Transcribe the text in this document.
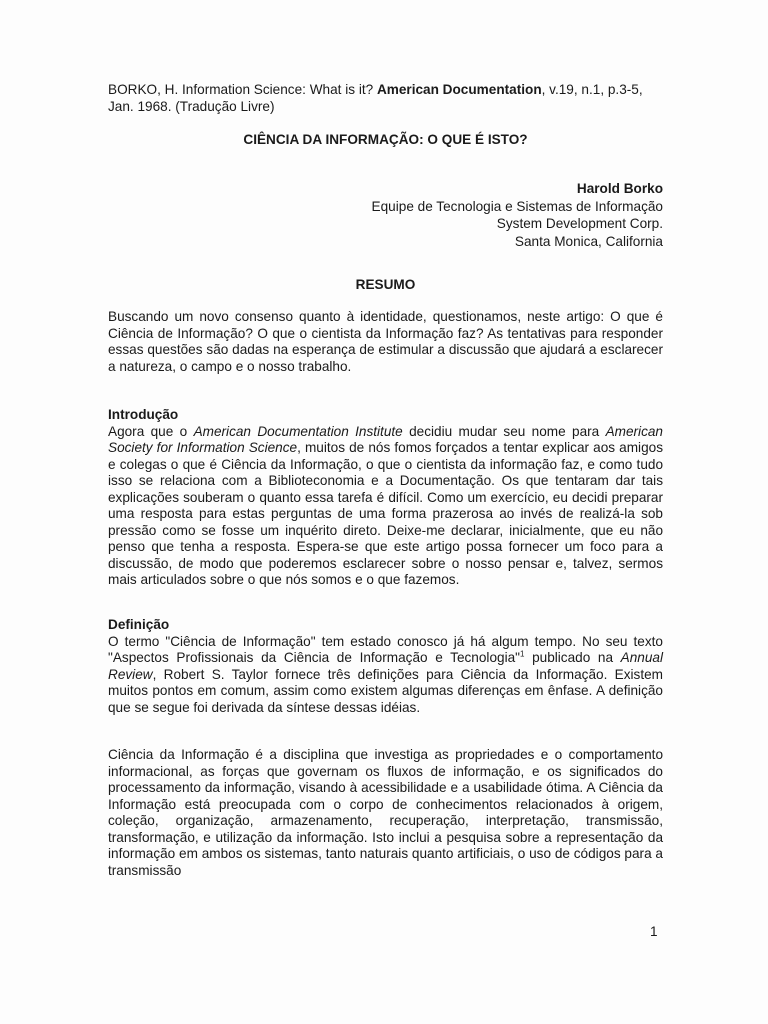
BORKO, H. Information Science: What is it? American Documentation, v.19, n.1, p.3-5, Jan. 1968. (Tradução Livre)
CIÊNCIA DA INFORMAÇÃO: O QUE É ISTO?
Harold Borko
Equipe de Tecnologia e Sistemas de Informação
System Development Corp.
Santa Monica, California
RESUMO

Buscando um novo consenso quanto à identidade, questionamos, neste artigo: O que é Ciência de Informação? O que o cientista da Informação faz? As tentativas para responder essas questões são dadas na esperança de estimular a discussão que ajudará a esclarecer a natureza, o campo e o nosso trabalho.

Introdução

Agora que o American Documentation Institute decidiu mudar seu nome para American Society for Information Science, muitos de nós fomos forçados a tentar explicar aos amigos e colegas o que é Ciência da Informação, o que o cientista da informação faz, e como tudo isso se relaciona com a Biblioteconomia e a Documentação. Os que tentaram dar tais explicações souberam o quanto essa tarefa é difícil. Como um exercício, eu decidi preparar uma resposta para estas perguntas de uma forma prazerosa ao invés de realizá-la sob pressão como se fosse um inquérito direto. Deixe-me declarar, inicialmente, que eu não penso que tenha a resposta. Espera-se que este artigo possa fornecer um foco para a discussão, de modo que poderemos esclarecer sobre o nosso pensar e, talvez, sermos mais articulados sobre o que nós somos e o que fazemos.

Definição

O termo "Ciência de Informação" tem estado conosco já há algum tempo. No seu texto "Aspectos Profissionais da Ciência de Informação e Tecnologia"$^1$ publicado na Annual Review, Robert S. Taylor fornece três definições para Ciência da Informação. Existem muitos pontos em comum, assim como existem algumas diferenças em ênfase. A definição que se segue foi derivada da síntese dessas idéias.

Ciência da Informação é a disciplina que investiga as propriedades e o comportamento informacional, as forças que governam os fluxos de informação, e os significados do processamento da informação, visando à acessibilidade e a usabilidade ótima. A Ciência da Informação está preocupada com o corpo de conhecimentos relacionados à origem, coleção, organização, armazenamento, recuperação, interpretação, transmissão, transformação, e utilização da informação. Isto inclui a pesquisa sobre a representação da informação em ambos os sistemas, tanto naturais quanto artificiais, o uso de códigos para a transmissão

1
